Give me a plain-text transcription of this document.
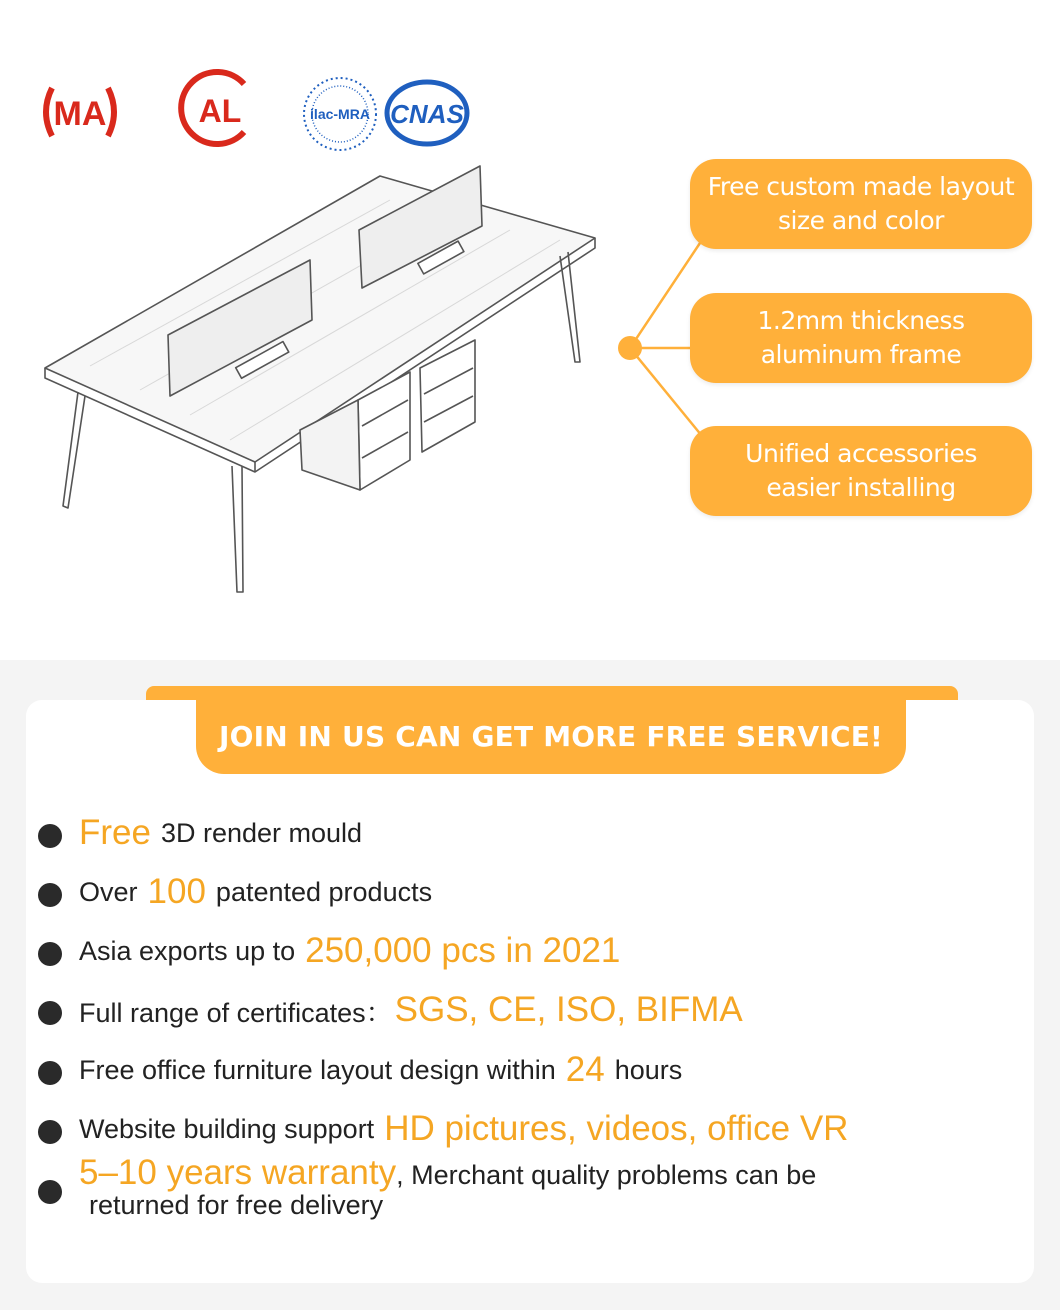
MA	AL	ilac-MRA CNAS
Free custom made layout
size and color
1.2mm thickness
aluminum frame
Unified accessories
easier installing
JOIN IN US CAN GET MORE FREE SERVICE!
Free 3D render mould
Over 100 patented products
Asia exports up to 250,000 pcs in 2021
Full range of certificates： SGS, CE, ISO, BIFMA
Free office furniture layout design within 24 hours
Website building support HD pictures, videos, office VR
5–10 years warranty, Merchant quality problems can be
returned for free delivery
